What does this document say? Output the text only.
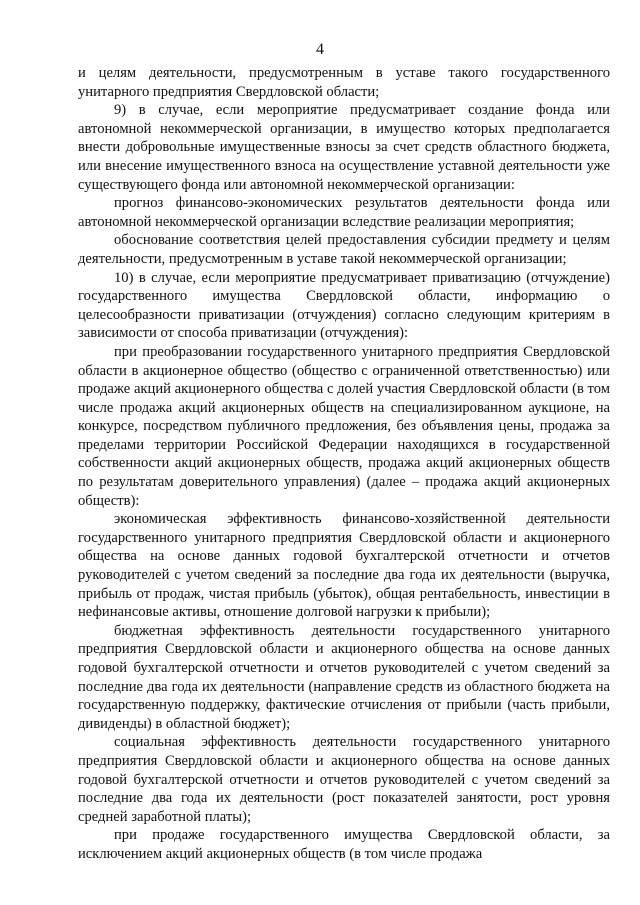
4

и целям деятельности, предусмотренным в уставе такого государственного унитарного предприятия Свердловской области;

9) в случае, если мероприятие предусматривает создание фонда или автономной некоммерческой организации, в имущество которых предполагается внести добровольные имущественные взносы за счет средств областного бюджета, или внесение имущественного взноса на осуществление уставной деятельности уже существующего фонда или автономной некоммерческой организации:

прогноз финансово-экономических результатов деятельности фонда или автономной некоммерческой организации вследствие реализации мероприятия;

обоснование соответствия целей предоставления субсидии предмету и целям деятельности, предусмотренным в уставе такой некоммерческой организации;

10) в случае, если мероприятие предусматривает приватизацию (отчуждение) государственного имущества Свердловской области, информацию о целесообразности приватизации (отчуждения) согласно следующим критериям в зависимости от способа приватизации (отчуждения):

при преобразовании государственного унитарного предприятия Свердловской области в акционерное общество (общество с ограниченной ответственностью) или продаже акций акционерного общества с долей участия Свердловской области (в том числе продажа акций акционерных обществ на специализированном аукционе, на конкурсе, посредством публичного предложения, без объявления цены, продажа за пределами территории Российской Федерации находящихся в государственной собственности акций акционерных обществ, продажа акций акционерных обществ по результатам доверительного управления) (далее – продажа акций акционерных обществ):

экономическая эффективность финансово-хозяйственной деятельности государственного унитарного предприятия Свердловской области и акционерного общества на основе данных годовой бухгалтерской отчетности и отчетов руководителей с учетом сведений за последние два года их деятельности (выручка, прибыль от продаж, чистая прибыль (убыток), общая рентабельность, инвестиции в нефинансовые активы, отношение долговой нагрузки к прибыли);

бюджетная эффективность деятельности государственного унитарного предприятия Свердловской области и акционерного общества на основе данных годовой бухгалтерской отчетности и отчетов руководителей с учетом сведений за последние два года их деятельности (направление средств из областного бюджета на государственную поддержку, фактические отчисления от прибыли (часть прибыли, дивиденды) в областной бюджет);

социальная эффективность деятельности государственного унитарного предприятия Свердловской области и акционерного общества на основе данных годовой бухгалтерской отчетности и отчетов руководителей с учетом сведений за последние два года их деятельности (рост показателей занятости, рост уровня средней заработной платы);

при продаже государственного имущества Свердловской области, за исключением акций акционерных обществ (в том числе продажа
